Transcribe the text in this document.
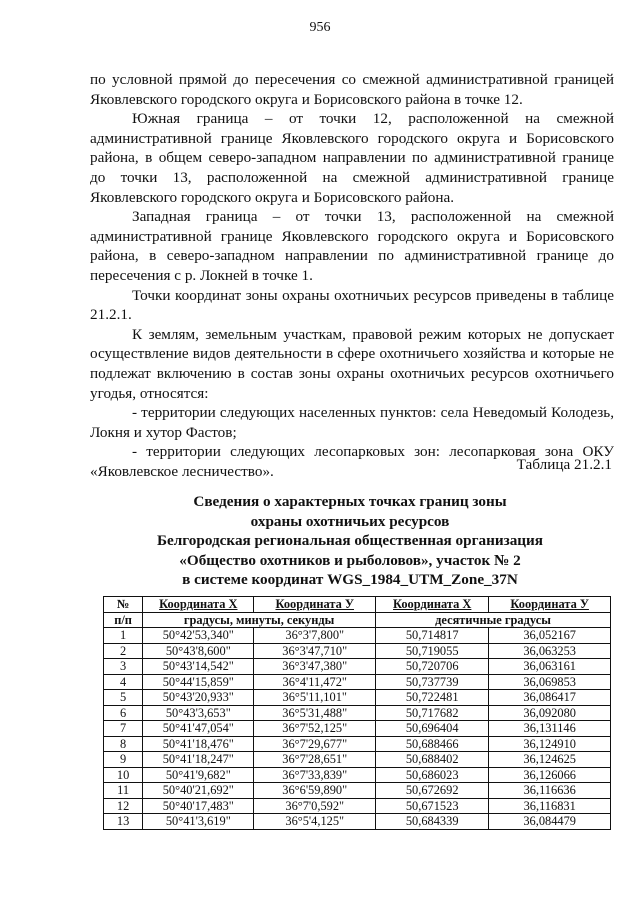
956

по условной прямой до пересечения со смежной административной границей Яковлевского городского округа и Борисовского района в точке 12.

Южная граница – от точки 12, расположенной на смежной административной границе Яковлевского городского округа и Борисовского района, в общем северо-западном направлении по административной границе до точки 13, расположенной на смежной административной границе Яковлевского городского округа и Борисовского района.

Западная граница – от точки 13, расположенной на смежной административной границе Яковлевского городского округа и Борисовского района, в северо-западном направлении по административной границе до пересечения с р. Локней в точке 1.

Точки координат зоны охраны охотничьих ресурсов приведены в таблице 21.2.1.

К землям, земельным участкам, правовой режим которых не допускает осуществление видов деятельности в сфере охотничьего хозяйства и которые не подлежат включению в состав зоны охраны охотничьих ресурсов охотничьего угодья, относятся:

- территории следующих населенных пунктов: села Неведомый Колодезь, Локня и хутор Фастов;

- территории следующих лесопарковых зон: лесопарковая зона ОКУ «Яковлевское лесничество».	Таблица 21.2.1
Сведения о характерных точках границ зоны
охраны охотничьих ресурсов
Белгородская региональная общественная организация
«Общество охотников и рыболовов», участок № 2
в системе координат WGS_1984_UTM_Zone_37N
№	Координата Х	Координата У	Координата Х	Координата У
п/п	градусы, минуты, секунды		десятичные градусы	
1	50°42'53,340"	36°3'7,800"	50,714817	36,052167
2	50°43'8,600"	36°3'47,710"	50,719055	36,063253
3	50°43'14,542"	36°3'47,380"	50,720706	36,063161
4	50°44'15,859"	36°4'11,472"	50,737739	36,069853
5	50°43'20,933"	36°5'11,101"	50,722481	36,086417
6	50°43'3,653"	36°5'31,488"	50,717682	36,092080
7	50°41'47,054"	36°7'52,125"	50,696404	36,131146
8	50°41'18,476"	36°7'29,677"	50,688466	36,124910
9	50°41'18,247"	36°7'28,651"	50,688402	36,124625
10	50°41'9,682"	36°7'33,839"	50,686023	36,126066
11	50°40'21,692"	36°6'59,890"	50,672692	36,116636
12	50°40'17,483"	36°7'0,592"	50,671523	36,116831
13	50°41'3,619"	36°5'4,125"	50,684339	36,084479
